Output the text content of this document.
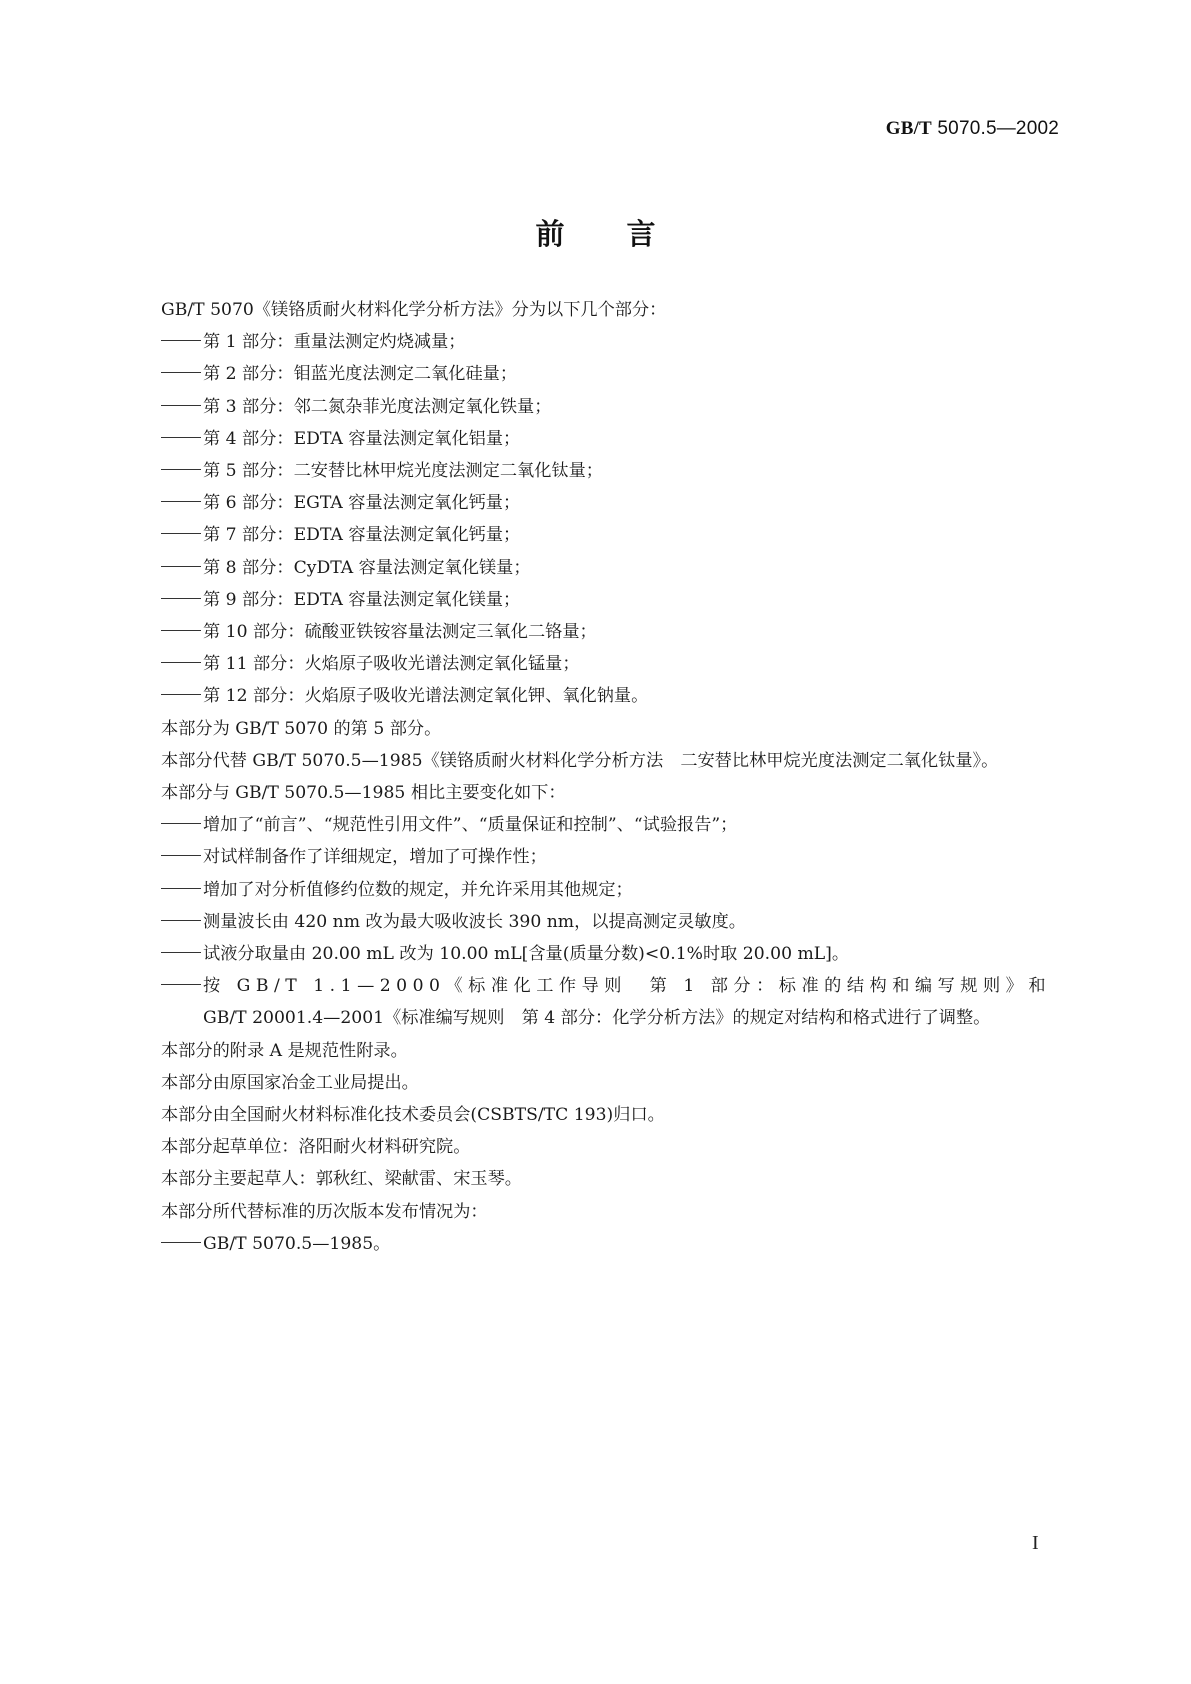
GB/T 5070.5—2002
前 言

GB/T 5070《镁铬质耐火材料化学分析方法》分为以下几个部分：

第 1 部分：重量法测定灼烧减量；

第 2 部分：钼蓝光度法测定二氧化硅量；

第 3 部分：邻二氮杂菲光度法测定氧化铁量；

第 4 部分：EDTA 容量法测定氧化铝量；

第 5 部分：二安替比林甲烷光度法测定二氧化钛量；

第 6 部分：EGTA 容量法测定氧化钙量；

第 7 部分：EDTA 容量法测定氧化钙量；

第 8 部分：CyDTA 容量法测定氧化镁量；

第 9 部分：EDTA 容量法测定氧化镁量；

第 10 部分：硫酸亚铁铵容量法测定三氧化二铬量；

第 11 部分：火焰原子吸收光谱法测定氧化锰量；

第 12 部分：火焰原子吸收光谱法测定氧化钾、氧化钠量。

本部分为 GB/T 5070 的第 5 部分。

本部分代替 GB/T 5070.5—1985《镁铬质耐火材料化学分析方法　二安替比林甲烷光度法测定二氧化钛量》。

本部分与 GB/T 5070.5—1985 相比主要变化如下：

增加了“前言”、“规范性引用文件”、“质量保证和控制”、“试验报告”；

对试样制备作了详细规定，增加了可操作性；

增加了对分析值修约位数的规定，并允许采用其他规定；

测量波长由 420 nm 改为最大吸收波长 390 nm，以提高测定灵敏度。

试液分取量由 20.00 mL 改为 10.00 mL[含量(质量分数)<0.1%时取 20.00 mL]。

按 GB/T 1.1—2000《标准化工作导则　第 1 部分：标准的结构和编写规则》和
GB/T 20001.4—2001《标准编写规则　第 4 部分：化学分析方法》的规定对结构和格式进行了调整。

本部分的附录 A 是规范性附录。

本部分由原国家冶金工业局提出。

本部分由全国耐火材料标准化技术委员会(CSBTS/TC 193)归口。

本部分起草单位：洛阳耐火材料研究院。

本部分主要起草人：郭秋红、梁献雷、宋玉琴。

本部分所代替标准的历次版本发布情况为：

GB/T 5070.5—1985。

I
